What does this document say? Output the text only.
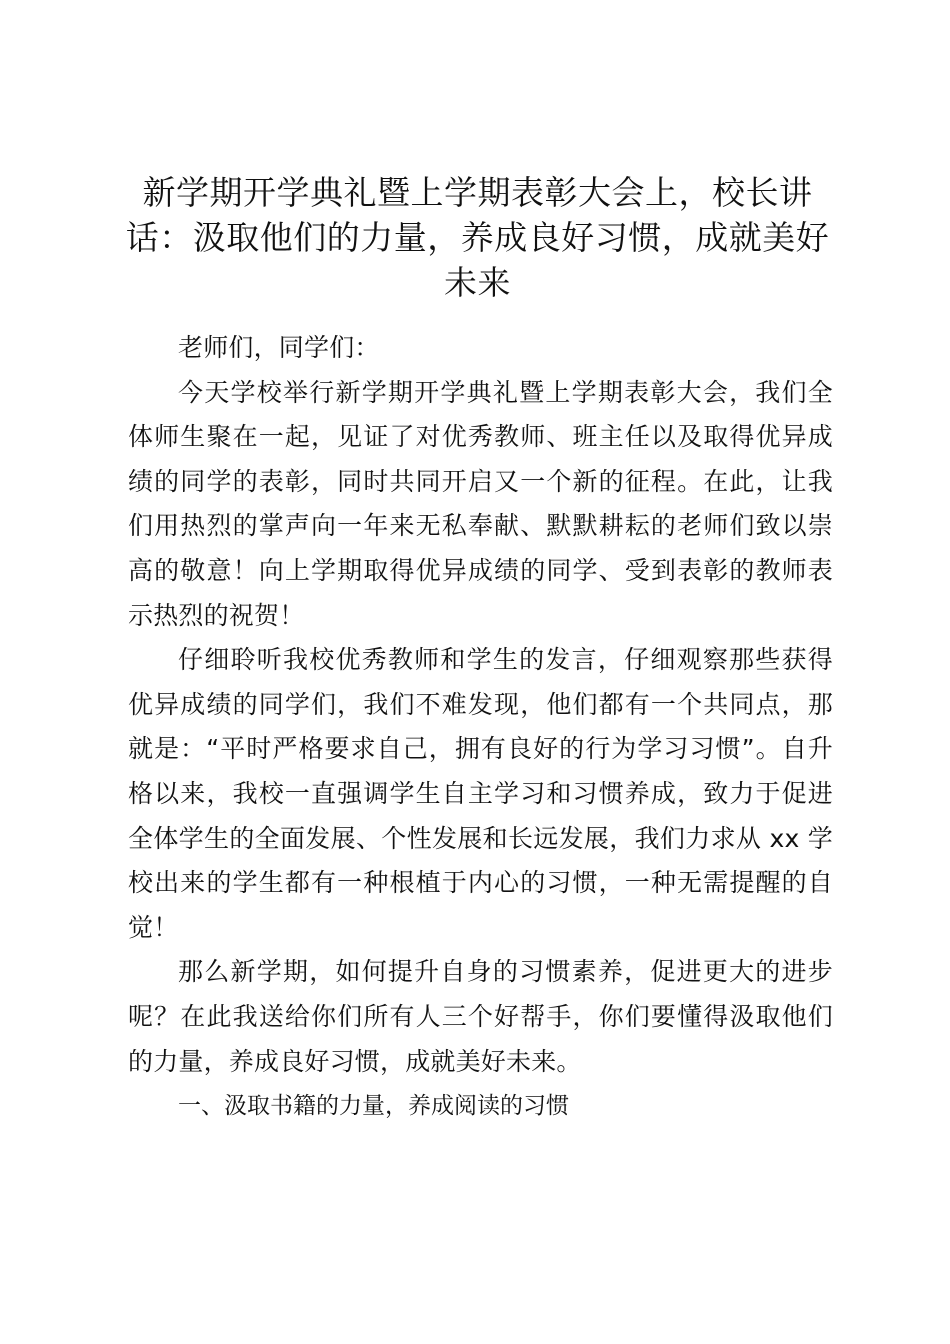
新学期开学典礼暨上学期表彰大会上，校长讲话：汲取他们的力量，养成良好习惯，成就美好未来

老师们，同学们：

今天学校举行新学期开学典礼暨上学期表彰大会，我们全体师生聚在一起，见证了对优秀教师、班主任以及取得优异成绩的同学的表彰，同时共同开启又一个新的征程。在此，让我们用热烈的掌声向一年来无私奉献、默默耕耘的老师们致以崇高的敬意！向上学期取得优异成绩的同学、受到表彰的教师表示热烈的祝贺！

仔细聆听我校优秀教师和学生的发言，仔细观察那些获得优异成绩的同学们，我们不难发现，他们都有一个共同点，那就是：“平时严格要求自己，拥有良好的行为学习习惯”。自升格以来，我校一直强调学生自主学习和习惯养成，致力于促进全体学生的全面发展、个性发展和长远发展，我们力求从 xx 学校出来的学生都有一种根植于内心的习惯，一种无需提醒的自觉！

那么新学期，如何提升自身的习惯素养，促进更大的进步呢？在此我送给你们所有人三个好帮手，你们要懂得汲取他们的力量，养成良好习惯，成就美好未来。

一、汲取书籍的力量，养成阅读的习惯
